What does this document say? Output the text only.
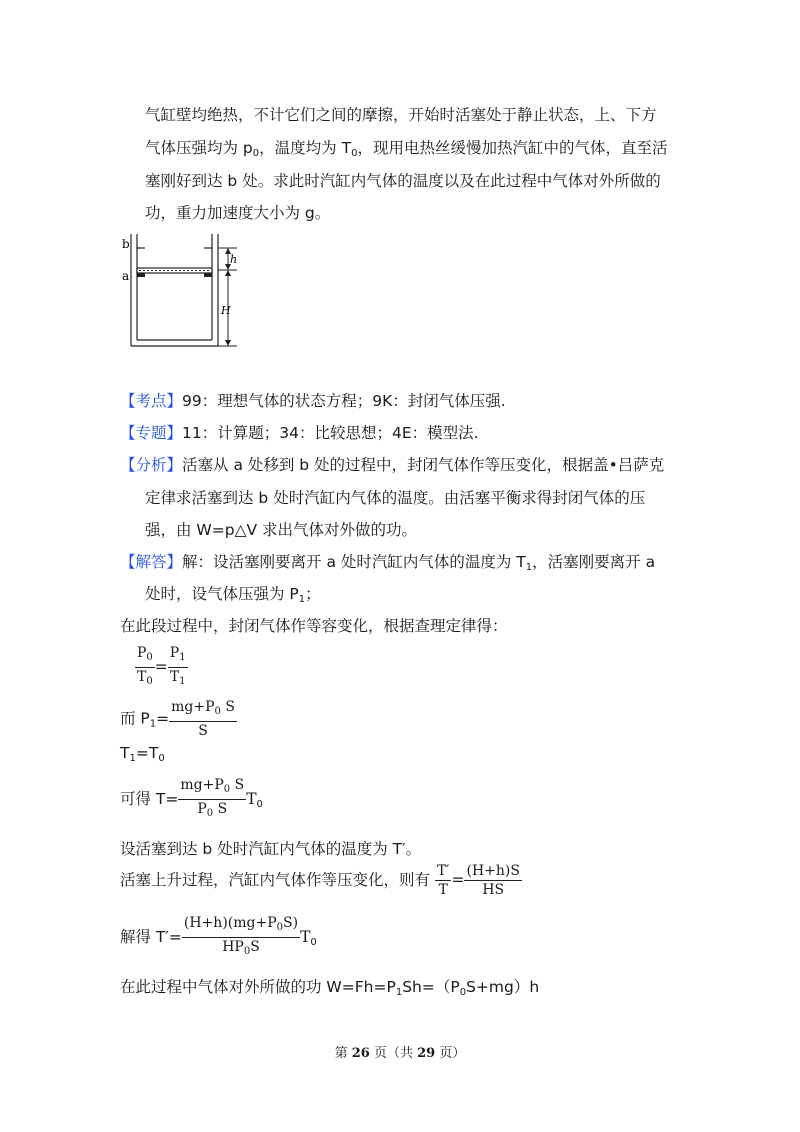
气缸壁均绝热，不计它们之间的摩擦，开始时活塞处于静止状态，上、下方
气体压强均为 $p_0$，温度均为 $T_0$，现用电热丝缓慢加热汽缸中的气体，直至活
塞刚好到达 b 处。求此时汽缸内气体的温度以及在此过程中气体对外所做的
功，重力加速度大小为 g。
b
a
h
H
【考点】99：理想气体的状态方程；9K：封闭气体压强.
【专题】11：计算题；34：比较思想；4E：模型法.
【分析】活塞从 a 处移到 b 处的过程中，封闭气体作等压变化，根据盖•吕萨克
定律求活塞到达 b 处时汽缸内气体的温度。由活塞平衡求得封闭气体的压
强，由 W=p△V 求出气体对外做的功。
【解答】解：设活塞刚要离开 a 处时汽缸内气体的温度为 $T_1$，活塞刚要离开 a
处时，设气体压强为 $P_1$；
在此段过程中，封闭气体作等容变化，根据查理定律得：
$\frac{P_0}{T_0} = \frac{P_1}{T_1}$
而 $P_1= \frac{mg+P_0 S}{S}$
$T_1=T_0$
可得 $T= \frac{mg+P_0 S}{P_0 S} T_0$
设活塞到达 b 处时汽缸内气体的温度为 T′。
活塞上升过程，汽缸内气体作等压变化，则有 $\frac{T'}{T} = \frac{(H+h)S}{HS}$
解得 $T'= \frac{(H+h)(mg+P_0S)}{HP_0S} T_0$
在此过程中气体对外所做的功 $W=Fh=P_1Sh=(P_0S+mg)h$
第 26 页（共 29 页）
